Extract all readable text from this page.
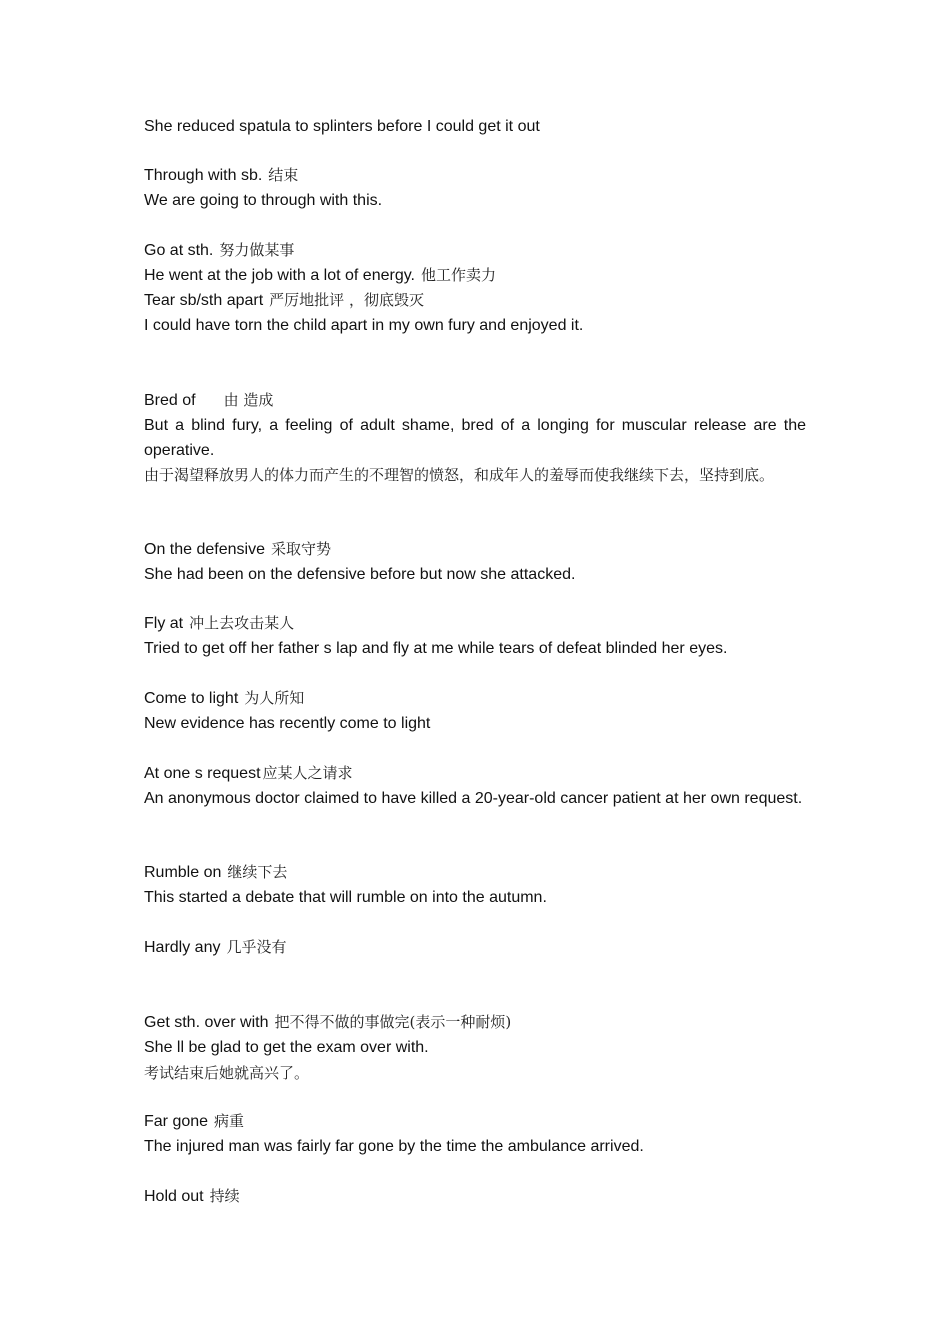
She reduced spatula to splinters before I could get it out
Through with sb. 结束
We are going to through with this.
Go at sth. 努力做某事
He went at the job with a lot of energy. 他工作卖力
Tear sb/sth apart 严厉地批评 ，彻底毁灭
I could have torn the child apart in my own fury and enjoyed it.
Bred of 由 造成
But a blind fury, a feeling of adult shame, bred of a longing for muscular release are the operative.
由于渴望释放男人的体力而产生的不理智的愤怒，和成年人的羞辱而使我继续下去，坚持到底。
On the defensive 采取守势
She had been on the defensive before but now she attacked.
Fly at 冲上去攻击某人
Tried to get off her father s lap and fly at me while tears of defeat blinded her eyes.
Come to light 为人所知
New evidence has recently come to light
At one s request 应某人之请求
An anonymous doctor claimed to have killed a 20-year-old cancer patient at her own request.
Rumble on 继续下去
This started a debate that will rumble on into the autumn.
Hardly any 几乎没有
Get sth. over with 把不得不做的事做完(表示一种耐烦)
She ll be glad to get the exam over with.
考试结束后她就高兴了。
Far gone 病重
The injured man was fairly far gone by the time the ambulance arrived.
Hold out 持续
